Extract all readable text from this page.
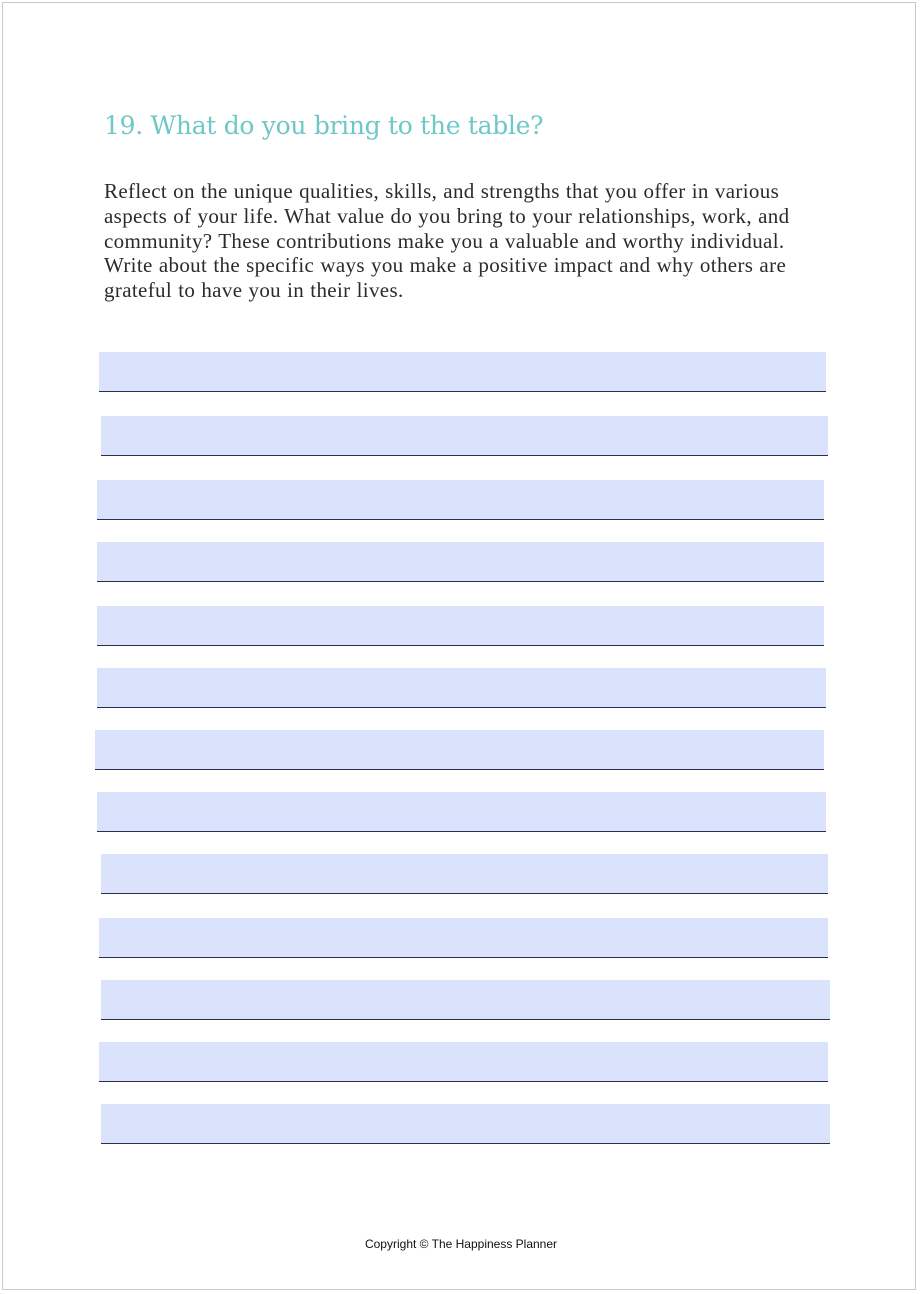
19. What do you bring to the table?

Reflect on the unique qualities, skills, and strengths that you offer in various
aspects of your life. What value do you bring to your relationships, work, and
community? These contributions make you a valuable and worthy individual.
Write about the specific ways you make a positive impact and why others are
grateful to have you in their lives.

Copyright © The Happiness Planner
